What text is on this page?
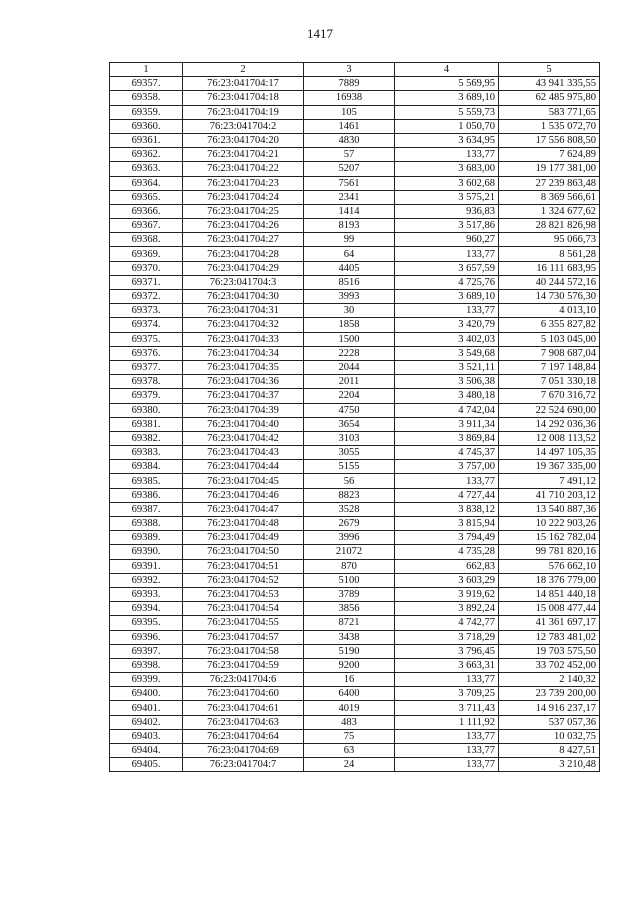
1417
1	2	3	4	5
69357.	76:23:041704:17	7889	5 569,95	43 941 335,55
69358.	76:23:041704:18	16938	3 689,10	62 485 975,80
69359.	76:23:041704:19	105	5 559,73	583 771,65
69360.	76:23:041704:2	1461	1 050,70	1 535 072,70
69361.	76:23:041704:20	4830	3 634,95	17 556 808,50
69362.	76:23:041704:21	57	133,77	7 624,89
69363.	76:23:041704:22	5207	3 683,00	19 177 381,00
69364.	76:23:041704:23	7561	3 602,68	27 239 863,48
69365.	76:23:041704:24	2341	3 575,21	8 369 566,61
69366.	76:23:041704:25	1414	936,83	1 324 677,62
69367.	76:23:041704:26	8193	3 517,86	28 821 826,98
69368.	76:23:041704:27	99	960,27	95 066,73
69369.	76:23:041704:28	64	133,77	8 561,28
69370.	76:23:041704:29	4405	3 657,59	16 111 683,95
69371.	76:23:041704:3	8516	4 725,76	40 244 572,16
69372.	76:23:041704:30	3993	3 689,10	14 730 576,30
69373.	76:23:041704:31	30	133,77	4 013,10
69374.	76:23:041704:32	1858	3 420,79	6 355 827,82
69375.	76:23:041704:33	1500	3 402,03	5 103 045,00
69376.	76:23:041704:34	2228	3 549,68	7 908 687,04
69377.	76:23:041704:35	2044	3 521,11	7 197 148,84
69378.	76:23:041704:36	2011	3 506,38	7 051 330,18
69379.	76:23:041704:37	2204	3 480,18	7 670 316,72
69380.	76:23:041704:39	4750	4 742,04	22 524 690,00
69381.	76:23:041704:40	3654	3 911,34	14 292 036,36
69382.	76:23:041704:42	3103	3 869,84	12 008 113,52
69383.	76:23:041704:43	3055	4 745,37	14 497 105,35
69384.	76:23:041704:44	5155	3 757,00	19 367 335,00
69385.	76:23:041704:45	56	133,77	7 491,12
69386.	76:23:041704:46	8823	4 727,44	41 710 203,12
69387.	76:23:041704:47	3528	3 838,12	13 540 887,36
69388.	76:23:041704:48	2679	3 815,94	10 222 903,26
69389.	76:23:041704:49	3996	3 794,49	15 162 782,04
69390.	76:23:041704:50	21072	4 735,28	99 781 820,16
69391.	76:23:041704:51	870	662,83	576 662,10
69392.	76:23:041704:52	5100	3 603,29	18 376 779,00
69393.	76:23:041704:53	3789	3 919,62	14 851 440,18
69394.	76:23:041704:54	3856	3 892,24	15 008 477,44
69395.	76:23:041704:55	8721	4 742,77	41 361 697,17
69396.	76:23:041704:57	3438	3 718,29	12 783 481,02
69397.	76:23:041704:58	5190	3 796,45	19 703 575,50
69398.	76:23:041704:59	9200	3 663,31	33 702 452,00
69399.	76:23:041704:6	16	133,77	2 140,32
69400.	76:23:041704:60	6400	3 709,25	23 739 200,00
69401.	76:23:041704:61	4019	3 711,43	14 916 237,17
69402.	76:23:041704:63	483	1 111,92	537 057,36
69403.	76:23:041704:64	75	133,77	10 032,75
69404.	76:23:041704:69	63	133,77	8 427,51
69405.	76:23:041704:7	24	133,77	3 210,48
